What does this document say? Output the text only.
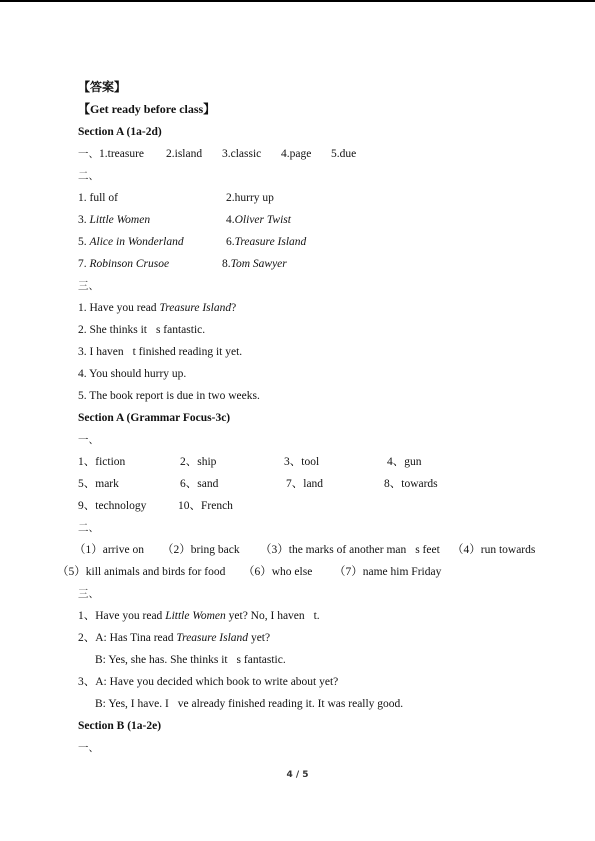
【答案】
【Get ready before class】
Section A (1a-2d)
一、1.treasure 2.island 3.classic 4.page 5.due
二、
1. full of	2.hurry up
3. Little Women	4.Oliver Twist
5. Alice in Wonderland	6.Treasure Island
7. Robinson Crusoe	8.Tom Sawyer
三、
1. Have you read Treasure Island?
2. She thinks it s fantastic.
3. I haven t finished reading it yet.
4. You should hurry up.
5. The book report is due in two weeks.
Section A (Grammar Focus-3c)
一、
1、fiction	2、ship	3、tool	4、gun
5、mark	6、sand	7、land	8、towards
9、technology	10、French
二、
（1）arrive on （2）bring back （3）the marks of another man s feet （4）run towards
（5）kill animals and birds for food （6）who else （7）name him Friday
三、
1、Have you read Little Women yet? No, I haven t.
2、A: Has Tina read Treasure Island yet?
B: Yes, she has. She thinks it s fantastic.
3、A: Have you decided which book to write about yet?
B: Yes, I have. I ve already finished reading it. It was really good.
Section B (1a-2e)
一、
4 / 5
